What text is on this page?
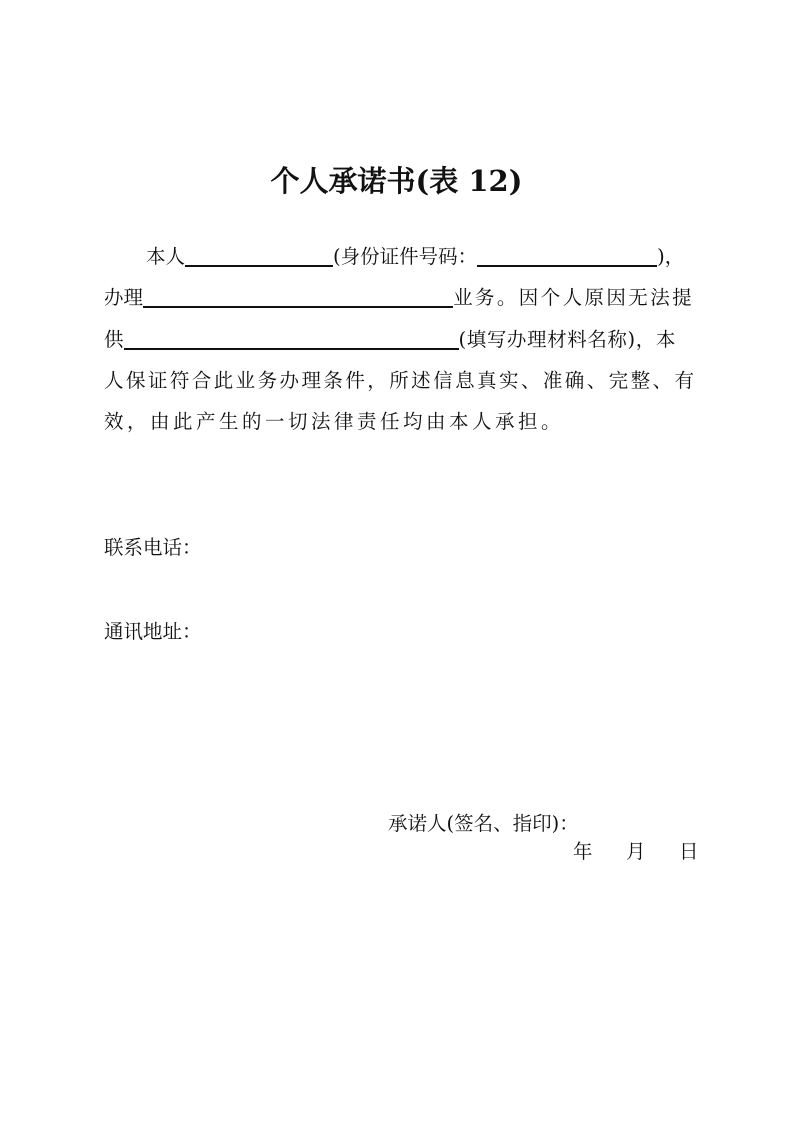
个人承诺书(表 12)
本人	(身份证件号码：	)，
办理	业务。因个人原因无法提
供	(填写办理材料名称)，本
人保证符合此业务办理条件，所述信息真实、准确、完整、有
效，由此产生的一切法律责任均由本人承担。
联系电话：
通讯地址：
承诺人(签名、指印)：
年 月 日
